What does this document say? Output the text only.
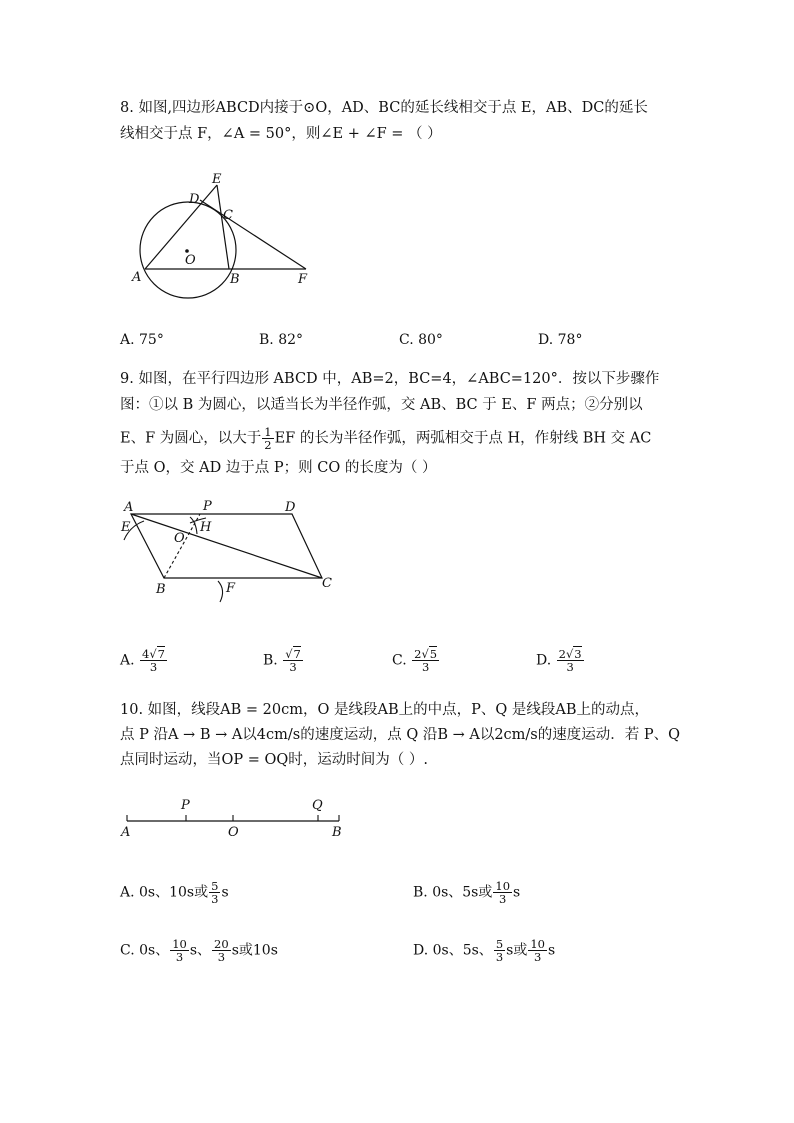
8. 如图,四边形ABCD内接于⊙O，AD、BC的延长线相交于点 E，AB、DC的延长
线相交于点 F，∠A = 50°，则∠E + ∠F = （ ）
E
D
C
O
A	B	F
A. 75°	B. 82°	C. 80°	D. 78°
9. 如图，在平行四边形 ABCD 中，AB=2，BC=4，∠ABC=120°．按以下步骤作
图：①以 B 为圆心，以适当长为半径作弧，交 AB、BC 于 E、F 两点；②分别以
E、F 为圆心，以大于 $\frac{1}{2}$ EF 的长为半径作弧，两弧相交于点 H，作射线 BH 交 AC
于点 O，交 AD 边于点 P；则 CO 的长度为（ ）
A	P	D
E	H
O
B	F	C
A. $\frac{4√7}{3}$	B. $\frac{√7}{3}$	C. $\frac{2√5}{3}$	D. $\frac{2√3}{3}$
10. 如图，线段AB = 20cm，O 是线段AB上的中点，P、Q 是线段AB上的动点，
点 P 沿A → B → A以4cm/s的速度运动，点 Q 沿B → A以2cm/s的速度运动．若 P、Q
点同时运动，当OP = OQ时，运动时间为（ ）.
P	Q
A	O	B
A. 0s、10s或 $\frac{5}{3}$ s	B. 0s、5s或 $\frac{10}{3}$ s
C. 0s、 $\frac{10}{3}$ s、 $\frac{20}{3}$ s或10s	D. 0s、5s、 $\frac{5}{3}$ s或 $\frac{10}{3}$ s
